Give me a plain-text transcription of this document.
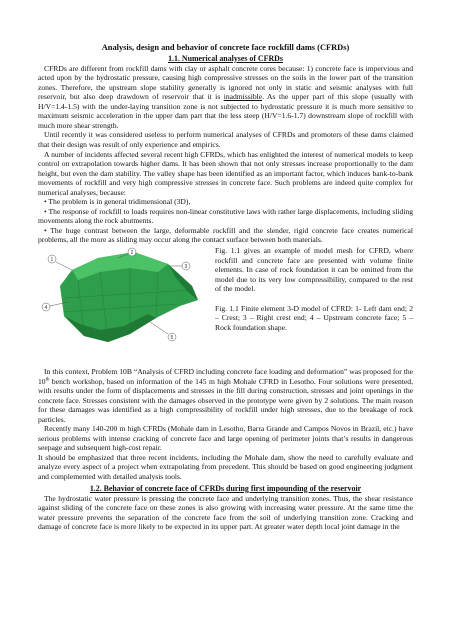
Analysis, design and behavior of concrete face rockfill dams (CFRDs)
1.1. Numerical analyses of CFRDs

CFRDs are different from rockfill dams with clay or asphalt concrete cores because: 1) concrete face is impervious and acted upon by the hydrostatic pressure, causing high compressive stresses on the soils in the lower part of the transition zones. Therefore, the upstream slope stability generally is ignored not only in static and seismic analyses with full reservoir, but also deep drawdown of reservoir that it is inadmissible. As the upper part of this slope (usually with H/V=1.4-1.5) with the under-laying transition zone is not subjected to hydrostatic pressure it is much more sensitive to maximum seismic acceleration in the upper dam part that the less steep (H/V=1.6-1.7) downstream slope of rockfill with much more shear strength.

Until recently it was considered useless to perform numerical analyses of CFRDs and promoters of these dams claimed that their design was result of only experience and empirics.

A number of incidents affected several recent high CFRDs, which has enlighted the interest of numerical models to keep control on extrapolation towards higher dams. It has been shown that not only stresses increase proportionally to the dam height, but even the dam stability. The valley shape has been identified as an important factor, which induces bank-to-bank movements of rockfill and very high compressive stresses in concrete face. Such problems are indeed quite complex for numerical analyses, because:

• The problem is in general tridimensional (3D),

• The response of rockfill to loads requires non-linear constitutive laws with rather large displacements, including sliding movements along the rock abutments.

• The huge contrast between the large, deformable rockfill and the slender, rigid concrete face creates numerical problems, all the more as sliding may occur along the contact surface between both materials.

1
2
3
4
5

Fig. 1.1 gives an example of model mesh for CFRD, where rockfill and concrete face are presented with volume finite elements. In case of rock foundation it can be omitted from the model due to its very low compressibility, compared to the rest of the model.

Fig. 1.1 Finite element 3-D model of CFRD: 1- Left dam end; 2 – Crest; 3 – Right crest end; 4 – Upstream concrete face; 5 – Rock foundation shape.

In this context, Problem 10B “Analysis of CFRD including concrete face loading and deformation” was proposed for the 10th bench workshop, based on information of the 145 m high Mohale CFRD in Lesotho. Four solutions were presented, with results under the form of displacements and stresses in the fill during construction, stresses and joint openings in the concrete face. Stresses consistent with the damages observed in the prototype were given by 2 solutions. The main reason for these damages was identified as a high compressibility of rockfill under high stresses, due to the breakage of rock particles.

Recently many 140-200 m high CFRDs (Mohale dam in Lesotho, Barra Grande and Campos Novos in Brazil, etc.) have serious problems with intense cracking of concrete face and large opening of perimeter joints that’s results in dangerous seepage and subsequent high-cost repair.

It should be emphasized that three recent incidents, including the Mohale dam, show the need to carefully evaluate and analyze every aspect of a project when extrapolating from precedent. This should be based on good engineering judgment and complemented with detailed analysis tools.

1.2. Behavior of concrete face of CFRDs during first impounding of the reservoir

The hydrostatic water pressure is pressing the concrete face and underlying transition zones. Thus, the shear resistance against sliding of the concrete face on these zones is also growing with increasing water pressure. At the same time the water pressure prevents the separation of the concrete face from the soil of underlying transition zone. Cracking and damage of concrete face is more likely to be expected in its upper part. At greater water depth local joint damage in the
